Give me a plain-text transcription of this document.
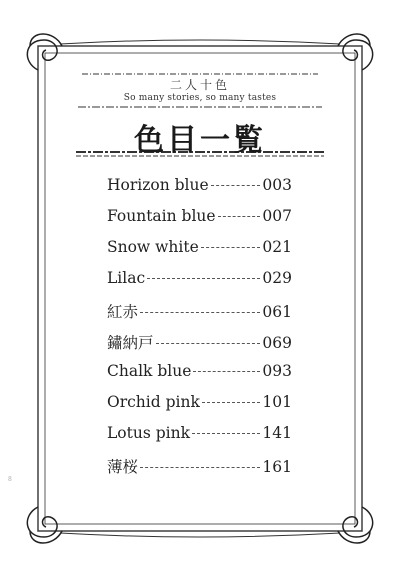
二人十色
So many stories, so many tastes
色目一覧
Horizon blue	003
Fountain blue	007
Snow white	021
Lilac	029
紅赤	061
鏽納戸	069
Chalk blue	093
Orchid pink	101
Lotus pink	141
薄桜	161
8
